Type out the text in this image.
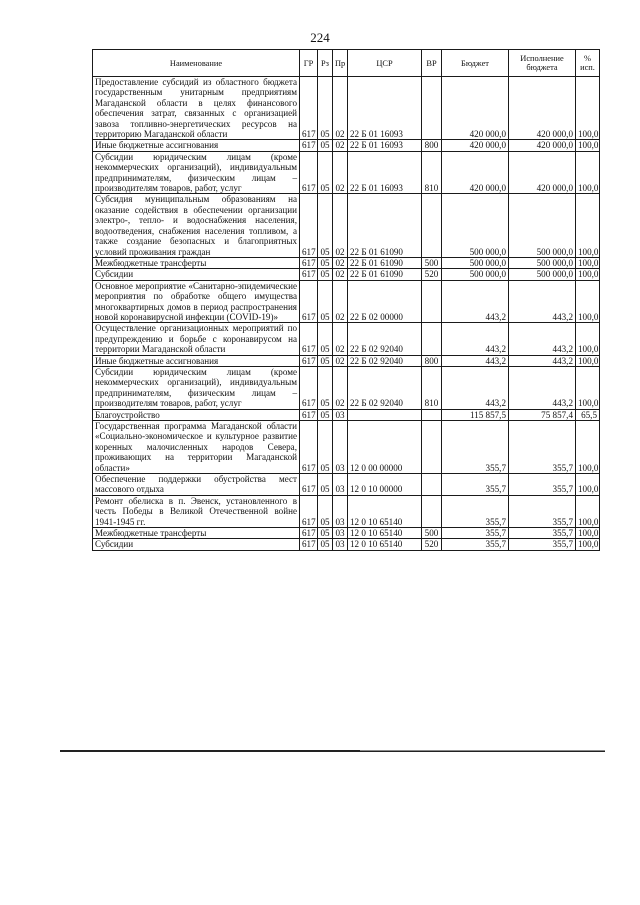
224
Наименование	ГР	Рз	Пр	ЦСР	ВР	Бюджет	Исполнение бюджета	% исп.
Предоставление субсидий из областного бюджета государственным унитарным предприятиям Магаданской области в целях финансового обеспечения затрат, связанных с организацией завоза топливно-энергетических ресурсов на территорию Магаданской области	617	05	02	22 Б 01 16093		420 000,0	420 000,0	100,0
Иные бюджетные ассигнования	617	05	02	22 Б 01 16093	800	420 000,0	420 000,0	100,0
Субсидии юридическим лицам (кроме некоммерческих организаций), индивидуальным предпринимателям, физическим лицам – производителям товаров, работ, услуг	617	05	02	22 Б 01 16093	810	420 000,0	420 000,0	100,0
Субсидия муниципальным образованиям на оказание содействия в обеспечении организации электро-, тепло- и водоснабжения населения, водоотведения, снабжения населения топливом, а также создание безопасных и благоприятных условий проживания граждан	617	05	02	22 Б 01 61090		500 000,0	500 000,0	100,0
Межбюджетные трансферты	617	05	02	22 Б 01 61090	500	500 000,0	500 000,0	100,0
Субсидии	617	05	02	22 Б 01 61090	520	500 000,0	500 000,0	100,0
Основное мероприятие «Санитарно-эпидемические мероприятия по обработке общего имущества многоквартирных домов в период распространения новой коронавирусной инфекции (COVID-19)»	617	05	02	22 Б 02 00000		443,2	443,2	100,0
Осуществление организационных мероприятий по предупреждению и борьбе с коронавирусом на территории Магаданской области	617	05	02	22 Б 02 92040		443,2	443,2	100,0
Иные бюджетные ассигнования	617	05	02	22 Б 02 92040	800	443,2	443,2	100,0
Субсидии юридическим лицам (кроме некоммерческих организаций), индивидуальным предпринимателям, физическим лицам – производителям товаров, работ, услуг	617	05	02	22 Б 02 92040	810	443,2	443,2	100,0
Благоустройство	617	05	03			115 857,5	75 857,4	65,5
Государственная программа Магаданской области «Социально-экономическое и культурное развитие коренных малочисленных народов Севера, проживающих на территории Магаданской области»	617	05	03	12 0 00 00000		355,7	355,7	100,0
Обеспечение поддержки обустройства мест массового отдыха	617	05	03	12 0 10 00000		355,7	355,7	100,0
Ремонт обелиска в п. Эвенск, установленного в честь Победы в Великой Отечественной войне 1941-1945 гг.	617	05	03	12 0 10 65140		355,7	355,7	100,0
Межбюджетные трансферты	617	05	03	12 0 10 65140	500	355,7	355,7	100,0
Субсидии	617	05	03	12 0 10 65140	520	355,7	355,7	100,0
